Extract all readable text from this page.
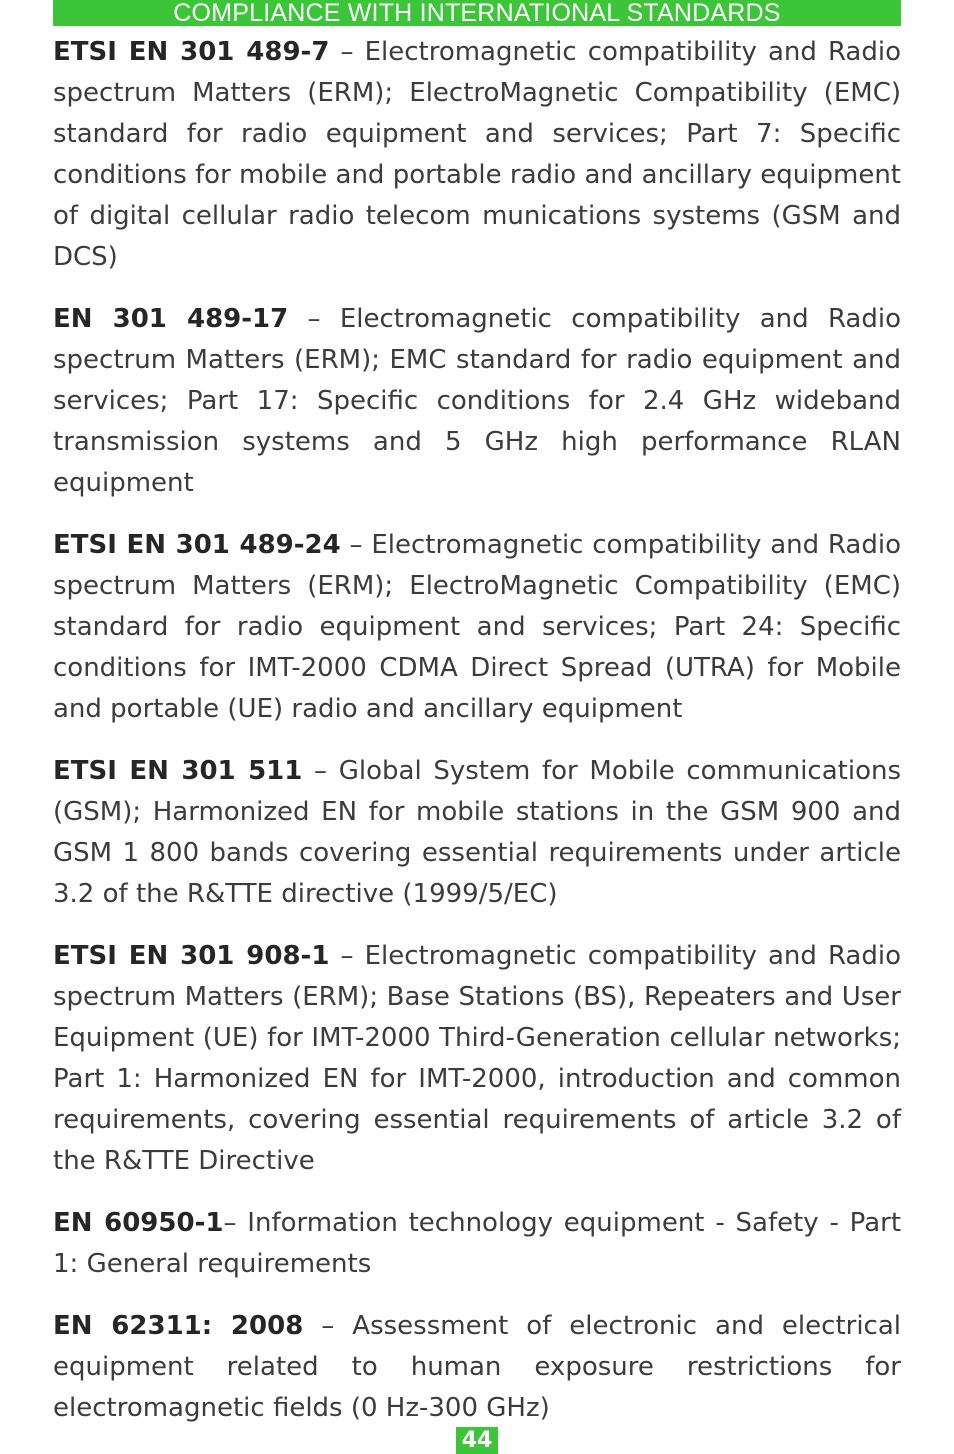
COMPLIANCE WITH INTERNATIONAL STANDARDS

ETSI EN 301 489-7 – Electromagnetic compatibility and Radio spectrum Matters (ERM); ElectroMagnetic Compatibility (EMC) standard for radio equipment and services; Part 7: Specific conditions for mobile and portable radio and ancillary equipment of digital cellular radio telecom munications systems (GSM and DCS)

EN 301 489-17 – Electromagnetic compatibility and Radio spectrum Matters (ERM); EMC standard for radio equipment and services; Part 17: Specific conditions for 2.4 GHz wideband transmission systems and 5 GHz high performance RLAN equipment

ETSI EN 301 489-24 – Electromagnetic compatibility and Radio spectrum Matters (ERM); ElectroMagnetic Compatibility (EMC) standard for radio equipment and services; Part 24: Specific conditions for IMT-2000 CDMA Direct Spread (UTRA) for Mobile and portable (UE) radio and ancillary equipment

ETSI EN 301 511 – Global System for Mobile communications (GSM); Harmonized EN for mobile stations in the GSM 900 and GSM 1 800 bands covering essential requirements under article 3.2 of the R&TTE directive (1999/5/EC)

ETSI EN 301 908-1 – Electromagnetic compatibility and Radio spectrum Matters (ERM); Base Stations (BS), Repeaters and User Equipment (UE) for IMT-2000 Third-Generation cellular networks; Part 1: Harmonized EN for IMT-2000, introduction and common requirements, covering essential requirements of article 3.2 of the R&TTE Directive

EN 60950-1– Information technology equipment - Safety - Part 1: General requirements

EN 62311: 2008 – Assessment of electronic and electrical equipment related to human exposure restrictions for electromagnetic fields (0 Hz-300 GHz)

44
